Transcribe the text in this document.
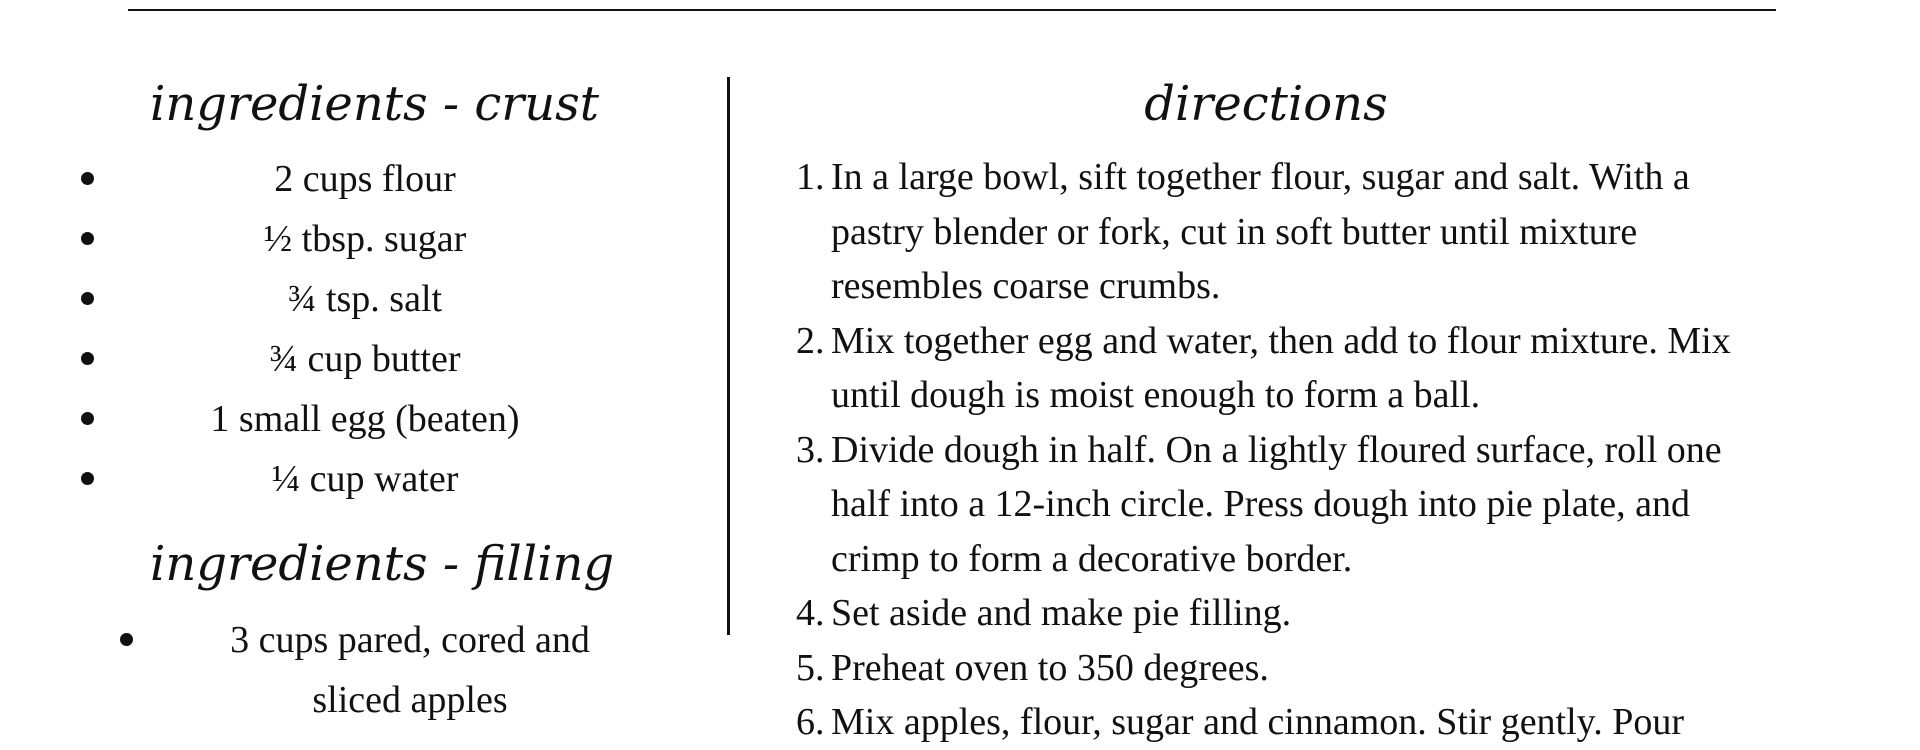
ingredients - crust
2 cups flour
½ tbsp. sugar
¾ tsp. salt
¾ cup butter
1 small egg (beaten)
¼ cup water
ingredients - filling
3 cups pared, cored and sliced apples
directions
1. In a large bowl, sift together flour, sugar and salt. With a pastry blender or fork, cut in soft butter until mixture resembles coarse crumbs.
2. Mix together egg and water, then add to flour mixture. Mix until dough is moist enough to form a ball.
3. Divide dough in half. On a lightly floured surface, roll one half into a 12-inch circle. Press dough into pie plate, and crimp to form a decorative border.
4. Set aside and make pie filling.
5. Preheat oven to 350 degrees.
6. Mix apples, flour, sugar and cinnamon. Stir gently. Pour
